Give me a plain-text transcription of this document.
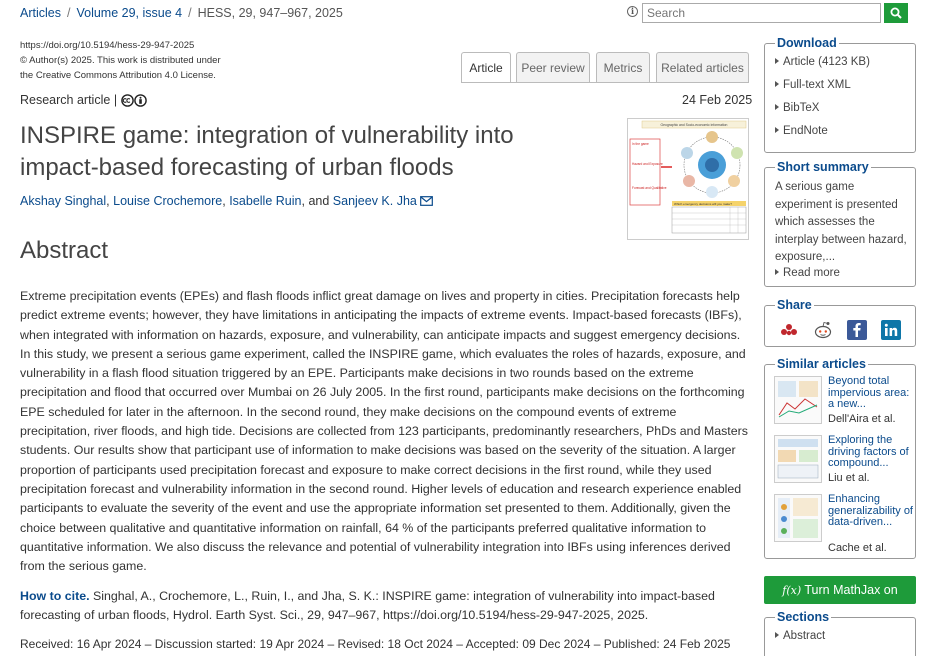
Articles / Volume 29, issue 4 / HESS, 29, 947–967, 2025	i
Search
https://doi.org/10.5194/hess-29-947-2025
© Author(s) 2025. This work is distributed under
the Creative Commons Attribution 4.0 License.
Article	Peer review	Metrics	Related articles
Research article |	24 Feb 2025
INSPIRE game: integration of vulnerability into
impact-based forecasting of urban floods
Akshay Singhal, Louise Crochemore, Isabelle Ruin, and Sanjeev K. Jha
Geographic and Socio-economic information
In the game
Hazard and Exposure
Forecast and Qualitative
Which emergency decisions will you make?
Abstract

Extreme precipitation events (EPEs) and flash floods inflict great damage on lives and property in cities. Precipitation forecasts help predict extreme events; however, they have limitations in anticipating the impacts of extreme events. Impact-based forecasts (IBFs), when integrated with information on hazards, exposure, and vulnerability, can anticipate impacts and suggest emergency decisions. In this study, we present a serious game experiment, called the INSPIRE game, which evaluates the roles of hazards, exposure, and vulnerability in a flash flood situation triggered by an EPE. Participants make decisions in two rounds based on the extreme precipitation and flood that occurred over Mumbai on 26 July 2005. In the first round, participants make decisions on the forthcoming EPE scheduled for later in the afternoon. In the second round, they make decisions on the compound events of extreme precipitation, river floods, and high tide. Decisions are collected from 123 participants, predominantly researchers, PhDs and Masters students. Our results show that participant use of information to make decisions was based on the severity of the situation. A larger proportion of participants used precipitation forecast and exposure to make correct decisions in the first round, while they used precipitation forecast and vulnerability information in the second round. Higher levels of education and research experience enabled participants to evaluate the severity of the event and use the appropriate information set presented to them. Additionally, given the choice between qualitative and quantitative information on rainfall, 64 % of the participants preferred qualitative information to quantitative information. We also discuss the relevance and potential of vulnerability integration into IBFs using inferences derived from the serious game.

How to cite. Singhal, A., Crochemore, L., Ruin, I., and Jha, S. K.: INSPIRE game: integration of vulnerability into impact-based forecasting of urban floods, Hydrol. Earth Syst. Sci., 29, 947–967, https://doi.org/10.5194/hess-29-947-2025, 2025.

Received: 16 Apr 2024 – Discussion started: 19 Apr 2024 – Revised: 18 Oct 2024 – Accepted: 09 Dec 2024 – Published: 24 Feb 2025
Download
Article (4123 KB)
Full-text XML
BibTeX
EndNote
Short summary
A serious game experiment is presented which assesses the interplay between hazard, exposure,...
Read more
Share
Similar articles
Beyond total impervious area: a new...
Dell'Aira et al.
Exploring the driving factors of compound...
Liu et al.
Enhancing generalizability of data-driven...
Cache et al.
f(x) Turn MathJax on
Sections
Abstract
